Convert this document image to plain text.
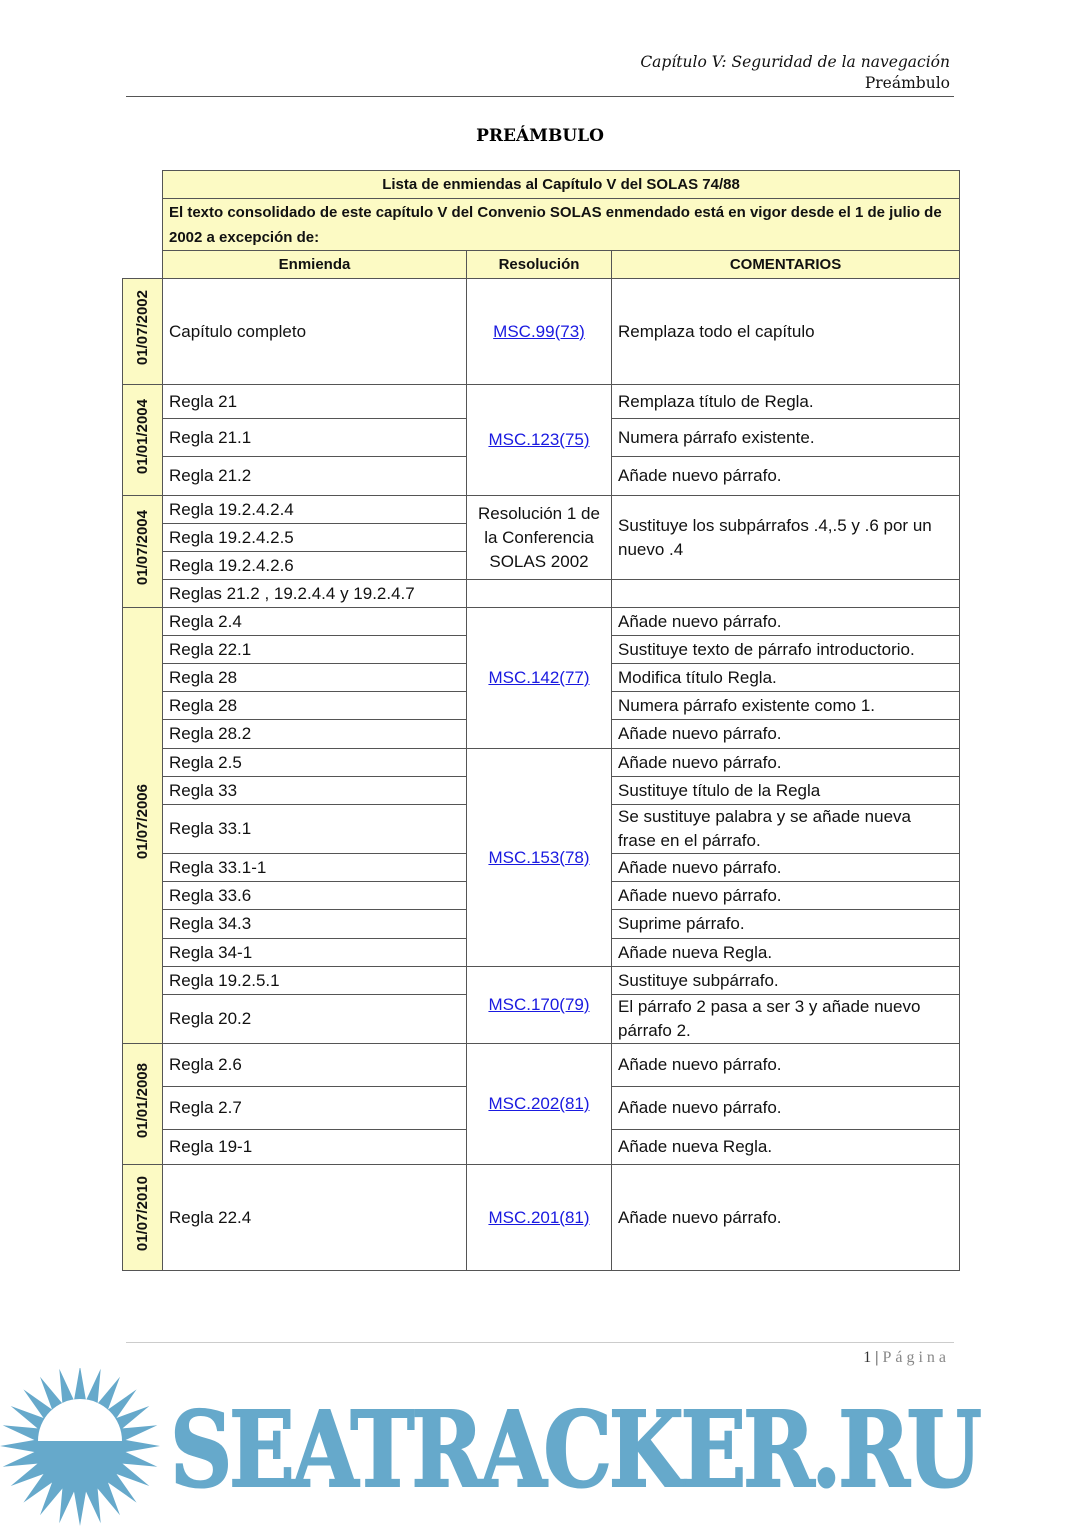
Capítulo V: Seguridad de la navegación
Preámbulo
PREÁMBULO
	Lista de enmiendas al Capítulo V del SOLAS 74/88		
	El texto consolidado de este capítulo V del Convenio SOLAS enmendado está en vigor desde el 1 de julio de 2002 a excepción de:		
	Enmienda	Resolución	COMENTARIOS
01/07/2002	Capítulo completo	MSC.99(73)	Remplaza todo el capítulo
01/01/2004	Regla 21	MSC.123(75)	Remplaza título de Regla.
	Regla 21.1		Numera párrafo existente.
	Regla 21.2		Añade nuevo párrafo.
01/07/2004	Regla 19.2.4.2.4	Resolución 1 de la Conferencia SOLAS 2002	Sustituye los subpárrafos .4,.5 y .6 por un nuevo .4
	Regla 19.2.4.2.5		
	Regla 19.2.4.2.6		
	Reglas 21.2 , 19.2.4.4 y 19.2.4.7		
01/07/2006	Regla 2.4	MSC.142(77)	Añade nuevo párrafo.
	Regla 22.1		Sustituye texto de párrafo introductorio.
	Regla 28		Modifica título Regla.
	Regla 28		Numera párrafo existente como 1.
	Regla 28.2		Añade nuevo párrafo.
	Regla 2.5	MSC.153(78)	Añade nuevo párrafo.
	Regla 33		Sustituye título de la Regla
	Regla 33.1		Se sustituye palabra y se añade nueva frase en el párrafo.
	Regla 33.1-1		Añade nuevo párrafo.
	Regla 33.6		Añade nuevo párrafo.
	Regla 34.3		Suprime párrafo.
	Regla 34-1		Añade nueva Regla.
	Regla 19.2.5.1	MSC.170(79)	Sustituye subpárrafo.
	Regla 20.2		El párrafo 2 pasa a ser 3 y añade nuevo párrafo 2.
01/01/2008	Regla 2.6	MSC.202(81)	Añade nuevo párrafo.
	Regla 2.7		Añade nuevo párrafo.
	Regla 19-1		Añade nueva Regla.
01/07/2010	Regla 22.4	MSC.201(81)	Añade nuevo párrafo.
1 | Página
SEATRACKER.RU
